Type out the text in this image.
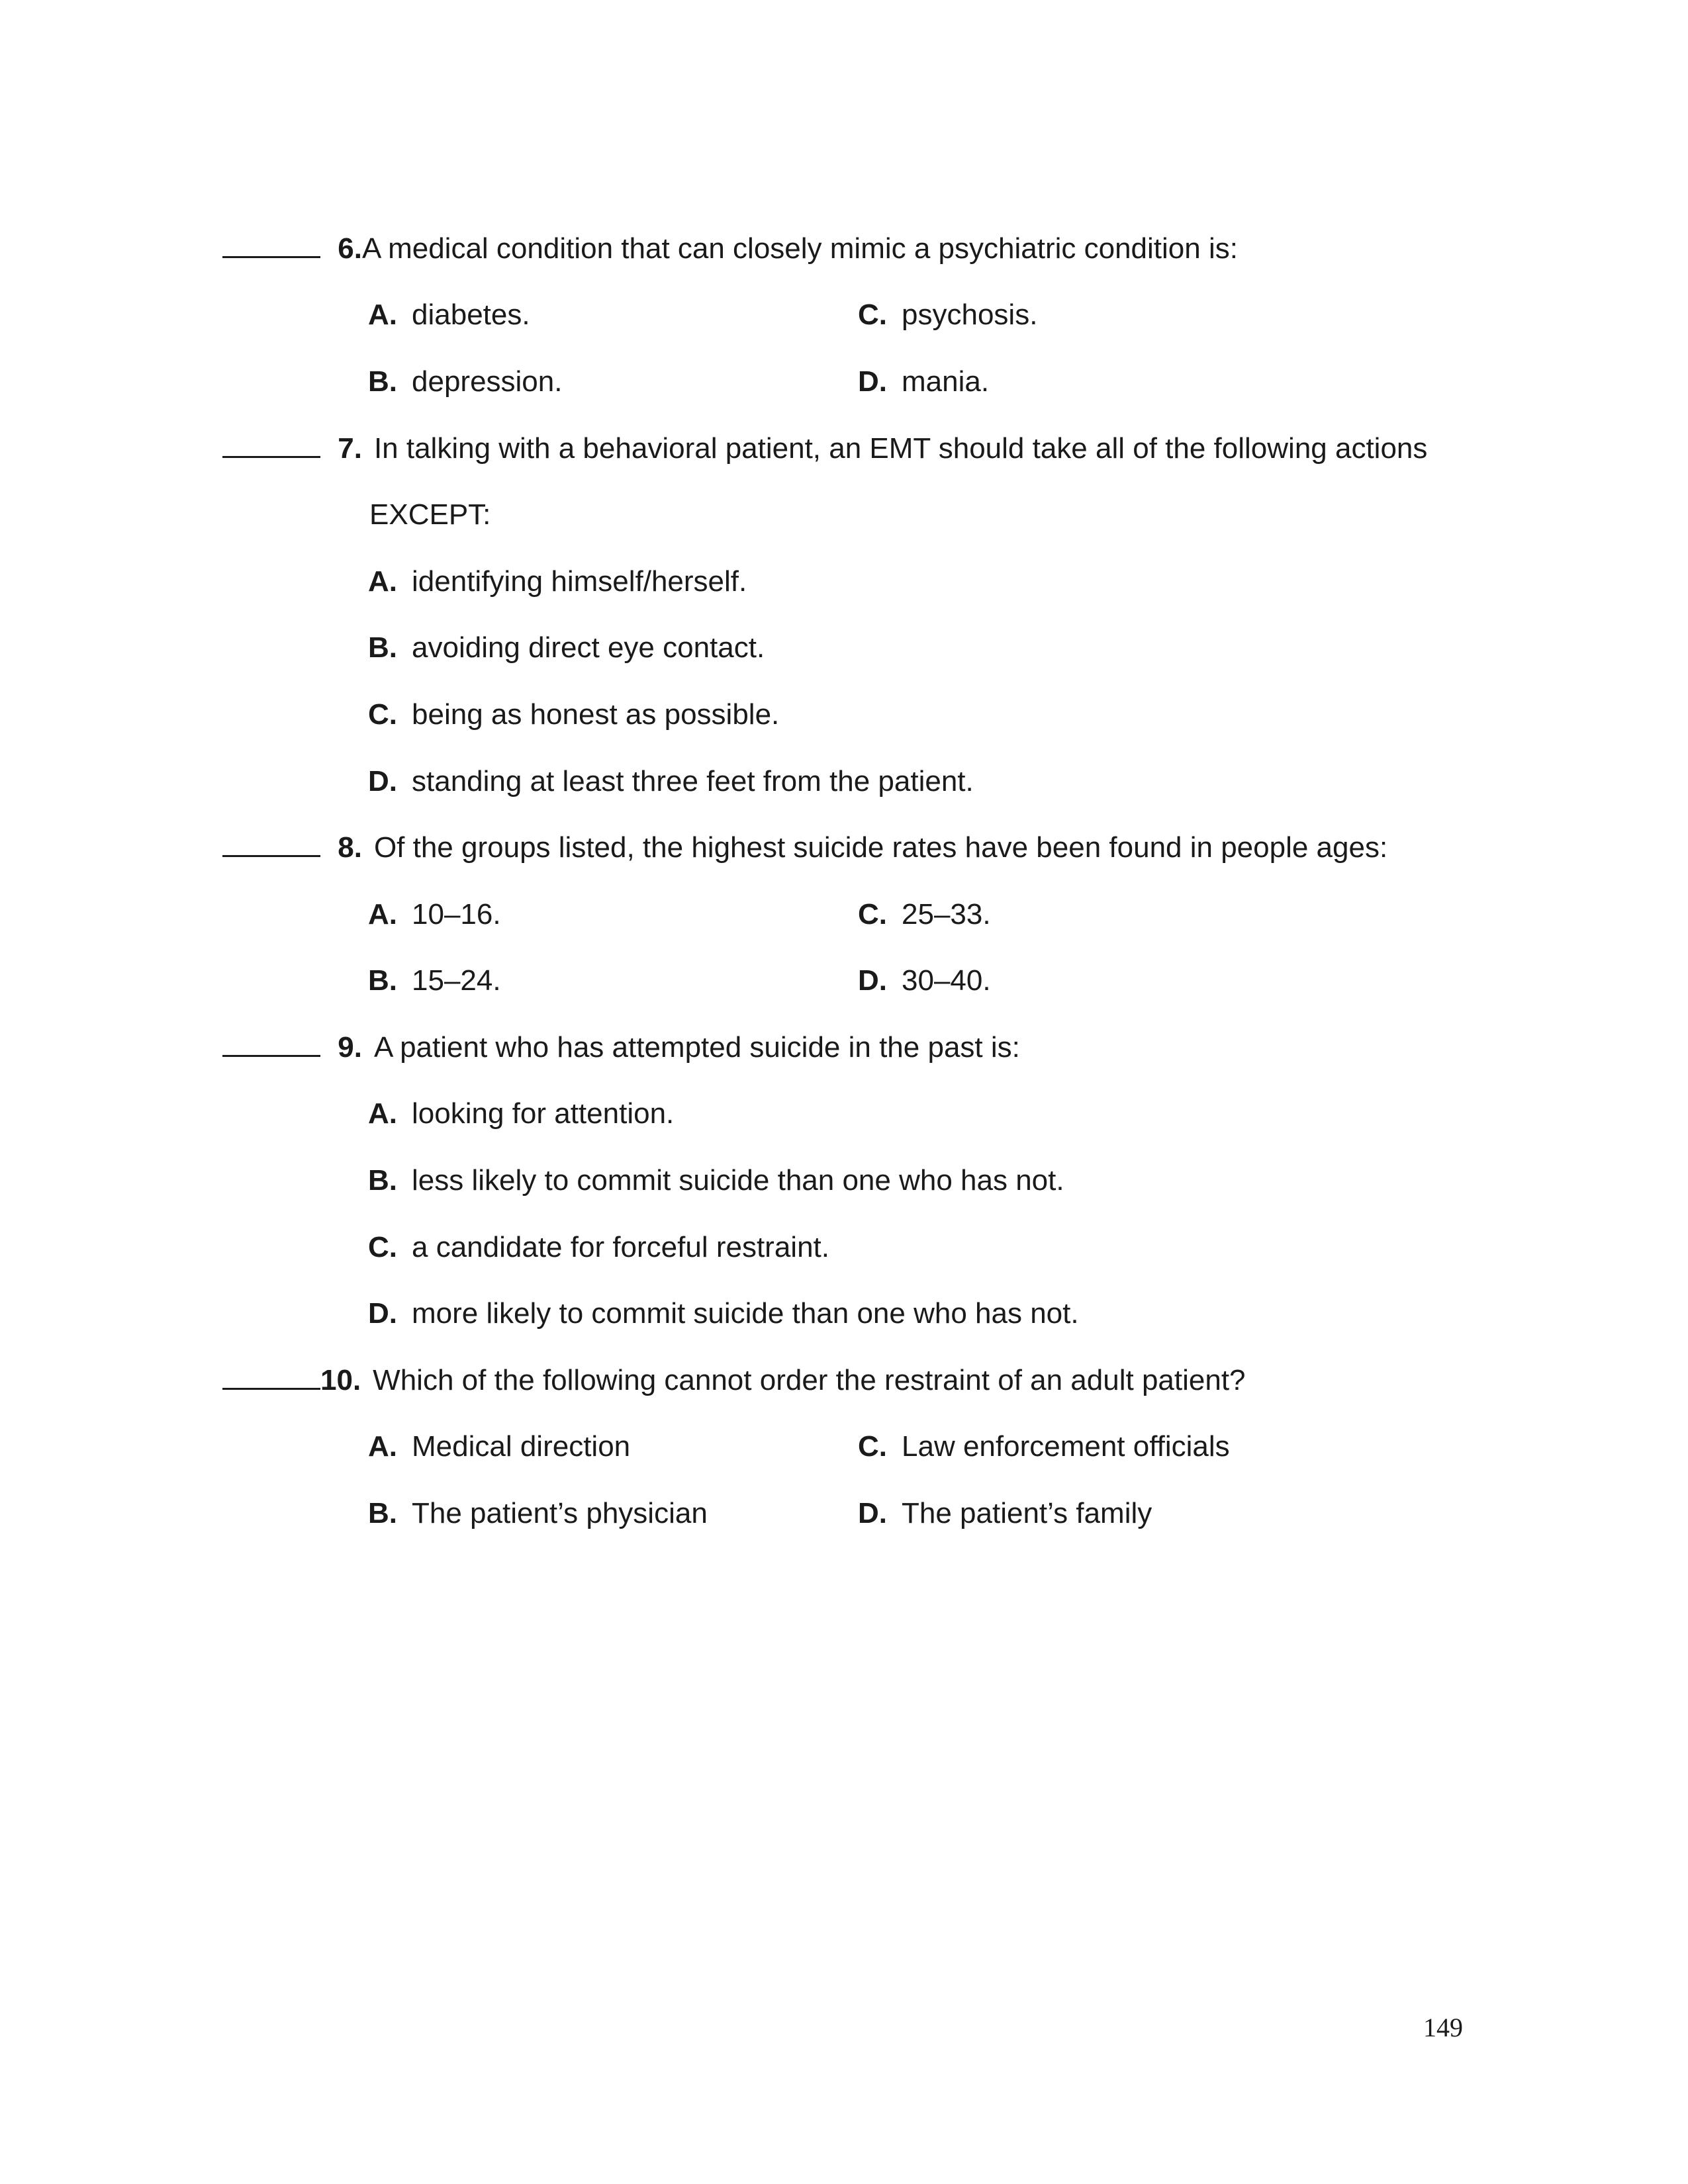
6.A medical condition that can closely mimic a psychiatric condition is:
A. diabetes.	C. psychosis.
B. depression.	D. mania.
7. In talking with a behavioral patient, an EMT should take all of the following actions
EXCEPT:
A. identifying himself/herself.
B. avoiding direct eye contact.
C. being as honest as possible.
D. standing at least three feet from the patient.
8. Of the groups listed, the highest suicide rates have been found in people ages:
A. 10–16.	C. 25–33.
B. 15–24.	D. 30–40.
9. A patient who has attempted suicide in the past is:
A. looking for attention.
B. less likely to commit suicide than one who has not.
C. a candidate for forceful restraint.
D. more likely to commit suicide than one who has not.
10. Which of the following cannot order the restraint of an adult patient?
A. Medical direction	C. Law enforcement officials
B. The patient’s physician	D. The patient’s family
149
